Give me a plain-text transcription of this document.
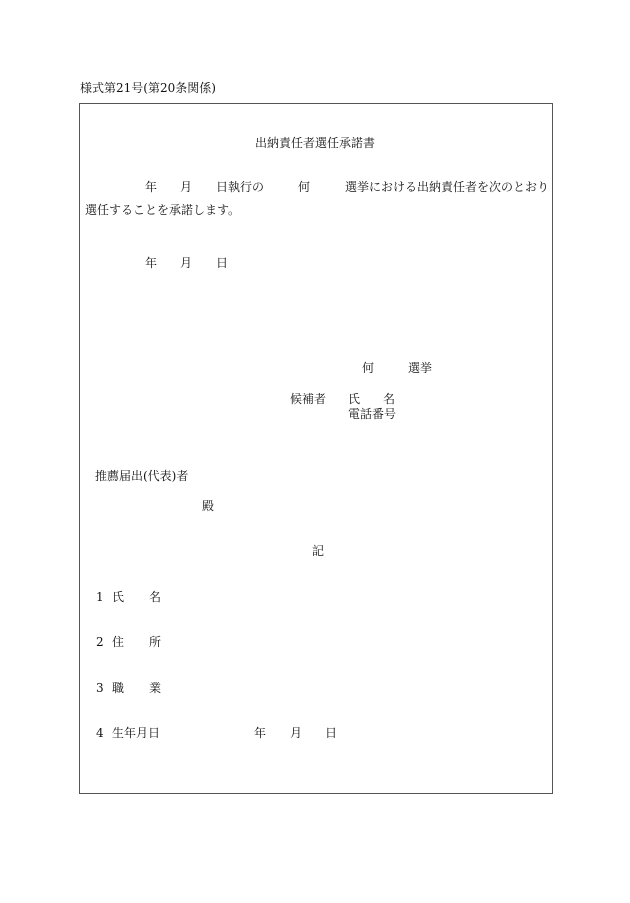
様式第21号(第20条関係)
出納責任者選任承諾書
年 月 日執行の	何	選挙における出納責任者を次のとおり
選任することを承諾します。
年 月 日
何	選挙
候補者 氏 名
電話番号
推薦届出(代表)者
殿
記
1 氏 名
2 住 所
3 職 業
4 生年月日	年 月 日
